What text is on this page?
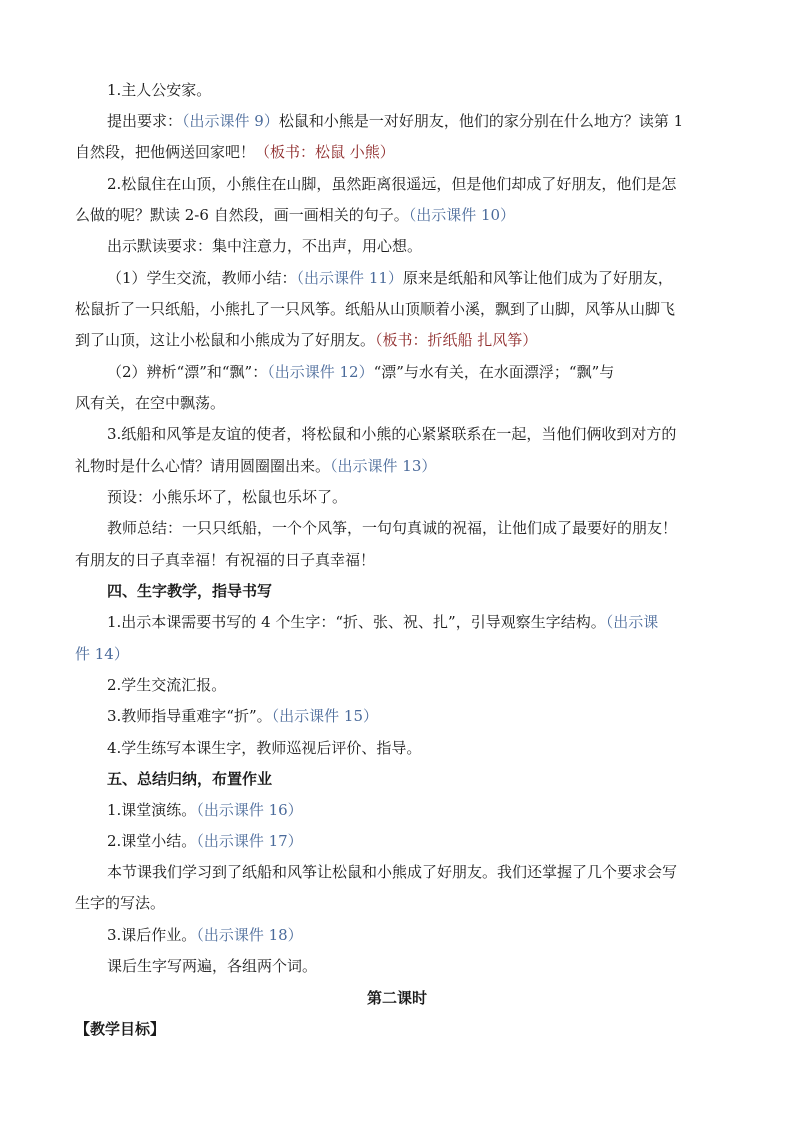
1.主人公安家。
提出要求：（出示课件 9）松鼠和小熊是一对好朋友，他们的家分别在什么地方？读第 1
自然段，把他俩送回家吧！（板书：松鼠 小熊）
2.松鼠住在山顶，小熊住在山脚，虽然距离很遥远，但是他们却成了好朋友，他们是怎
么做的呢？默读 2-6 自然段，画一画相关的句子。（出示课件 10）
出示默读要求：集中注意力，不出声，用心想。
（1）学生交流，教师小结：（出示课件 11）原来是纸船和风筝让他们成为了好朋友，
松鼠折了一只纸船，小熊扎了一只风筝。纸船从山顶顺着小溪，飘到了山脚，风筝从山脚飞
到了山顶，这让小松鼠和小熊成为了好朋友。（板书：折纸船 扎风筝）
（2）辨析“漂”和“飘”：（出示课件 12）“漂”与水有关，在水面漂浮；“飘”与
风有关，在空中飘荡。
3.纸船和风筝是友谊的使者，将松鼠和小熊的心紧紧联系在一起，当他们俩收到对方的
礼物时是什么心情？请用圆圈圈出来。（出示课件 13）
预设：小熊乐坏了，松鼠也乐坏了。
教师总结：一只只纸船，一个个风筝，一句句真诚的祝福，让他们成了最要好的朋友！
有朋友的日子真幸福！有祝福的日子真幸福！
四、生字教学，指导书写
1.出示本课需要书写的 4 个生字：“折、张、祝、扎”，引导观察生字结构。（出示课
件 14）
2.学生交流汇报。
3.教师指导重难字“折”。（出示课件 15）
4.学生练写本课生字，教师巡视后评价、指导。
五、总结归纳，布置作业
1.课堂演练。（出示课件 16）
2.课堂小结。（出示课件 17）
本节课我们学习到了纸船和风筝让松鼠和小熊成了好朋友。我们还掌握了几个要求会写
生字的写法。
3.课后作业。（出示课件 18）
课后生字写两遍，各组两个词。
第二课时
【教学目标】
